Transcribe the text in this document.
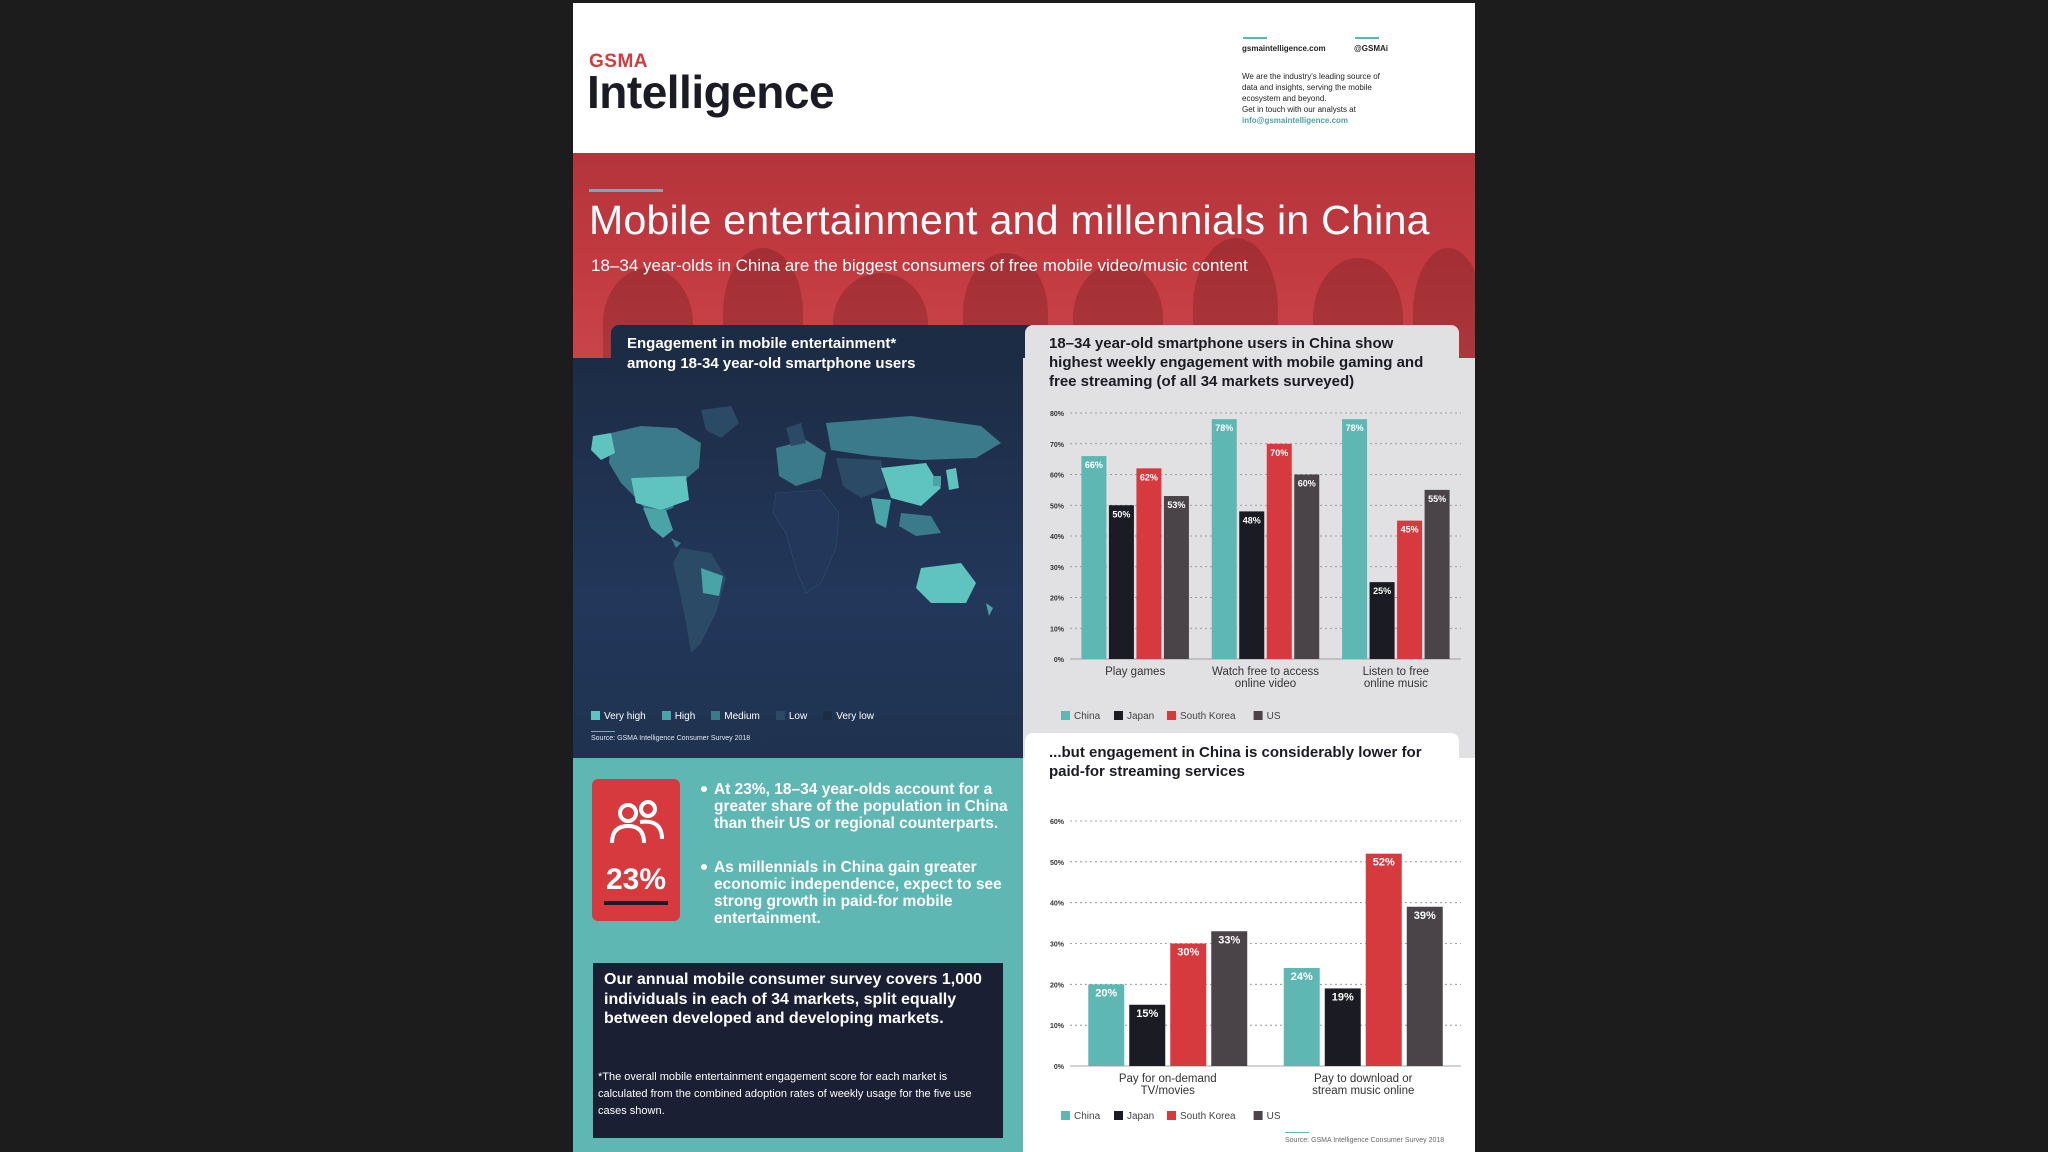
GSMA
Intelligence
gsmaintelligence.com	@GSMAi
We are the industry's leading source of
data and insights, serving the mobile
ecosystem and beyond.
Get in touch with our analysts at
info@gsmaintelligence.com
Mobile entertainment and millennials in China
18–34 year-olds in China are the biggest consumers of free mobile video/music content
Very high	High	Medium	Low	Very low
Source: GSMA Intelligence Consumer Survey 2018
Engagement in mobile entertainment*
among 18-34 year-old smartphone users
18–34 year-old smartphone users in China show highest weekly engagement with mobile gaming and free streaming (of all 34 markets surveyed)
0%
10%
20%
30%
40%
50%
60%
70%
80%
66%
50%
62%
53%
Play games
78%
48%
70%
60%
Watch free to access
online video
78%
25%
45%
55%
Listen to free
online music
China	Japan	South Korea	US
23%
At 23%, 18–34 year-olds account for a greater share of the population in China than their US or regional counterparts.
As millennials in China gain greater economic independence, expect to see strong growth in paid-for mobile entertainment.
Our annual mobile consumer survey covers 1,000 individuals in each of 34 markets, split equally between developed and developing markets.
*The overall mobile entertainment engagement score for each market is calculated from the combined adoption rates of weekly usage for the five use cases shown.
...but engagement in China is considerably lower for paid-for streaming services
0%
10%
20%
30%
40%
50%
60%
20%
15%
30%
33%
Pay for on-demand
TV/movies
24%
19%
52%
39%
Pay to download or
stream music online
China	Japan	South Korea	US
Source: GSMA Intelligence Consumer Survey 2018
